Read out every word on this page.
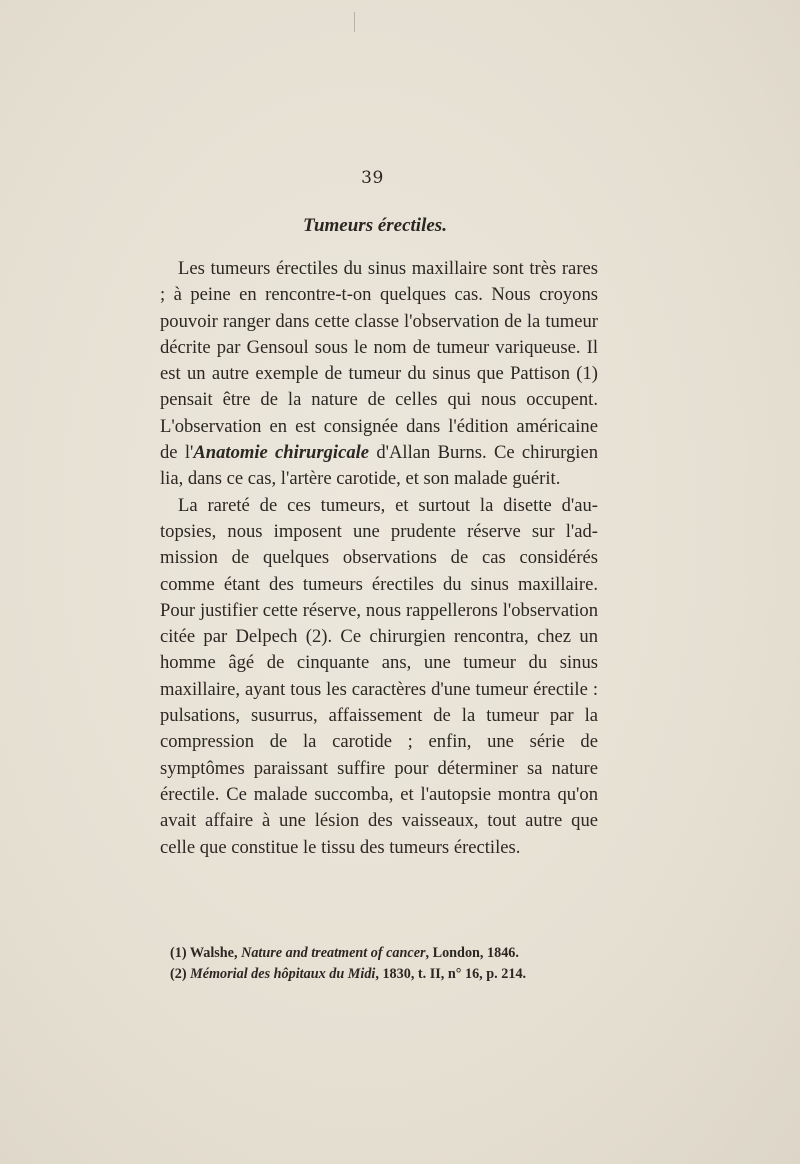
39
Tumeurs érectiles.

Les tumeurs érectiles du sinus maxillaire sont très rares ; à peine en rencontre-t-on quelques cas. Nous croyons pouvoir ranger dans cette classe l'observation de la tumeur décrite par Gensoul sous le nom de tumeur variqueuse. Il est un autre exemple de tumeur du sinus que Pattison (1) pensait être de la nature de celles qui nous occupent. L'observation en est consignée dans l'édition américaine de l'Anatomie chirurgicale d'Allan Burns. Ce chirurgien lia, dans ce cas, l'artère carotide, et son malade guérit.

La rareté de ces tumeurs, et surtout la disette d'autopsies, nous imposent une prudente réserve sur l'admission de quelques observations de cas considérés comme étant des tumeurs érectiles du sinus maxillaire. Pour justifier cette réserve, nous rappellerons l'observation citée par Delpech (2). Ce chirurgien rencontra, chez un homme âgé de cinquante ans, une tumeur du sinus maxillaire, ayant tous les caractères d'une tumeur érectile : pulsations, susurrus, affaissement de la tumeur par la compression de la carotide ; enfin, une série de symptômes paraissant suffire pour déterminer sa nature érectile. Ce malade succomba, et l'autopsie montra qu'on avait affaire à une lésion des vaisseaux, tout autre que celle que constitue le tissu des tumeurs érectiles.

(1) Walshe, Nature and treatment of cancer, London, 1846.
(2) Mémorial des hôpitaux du Midi, 1830, t. II, n° 16, p. 214.
